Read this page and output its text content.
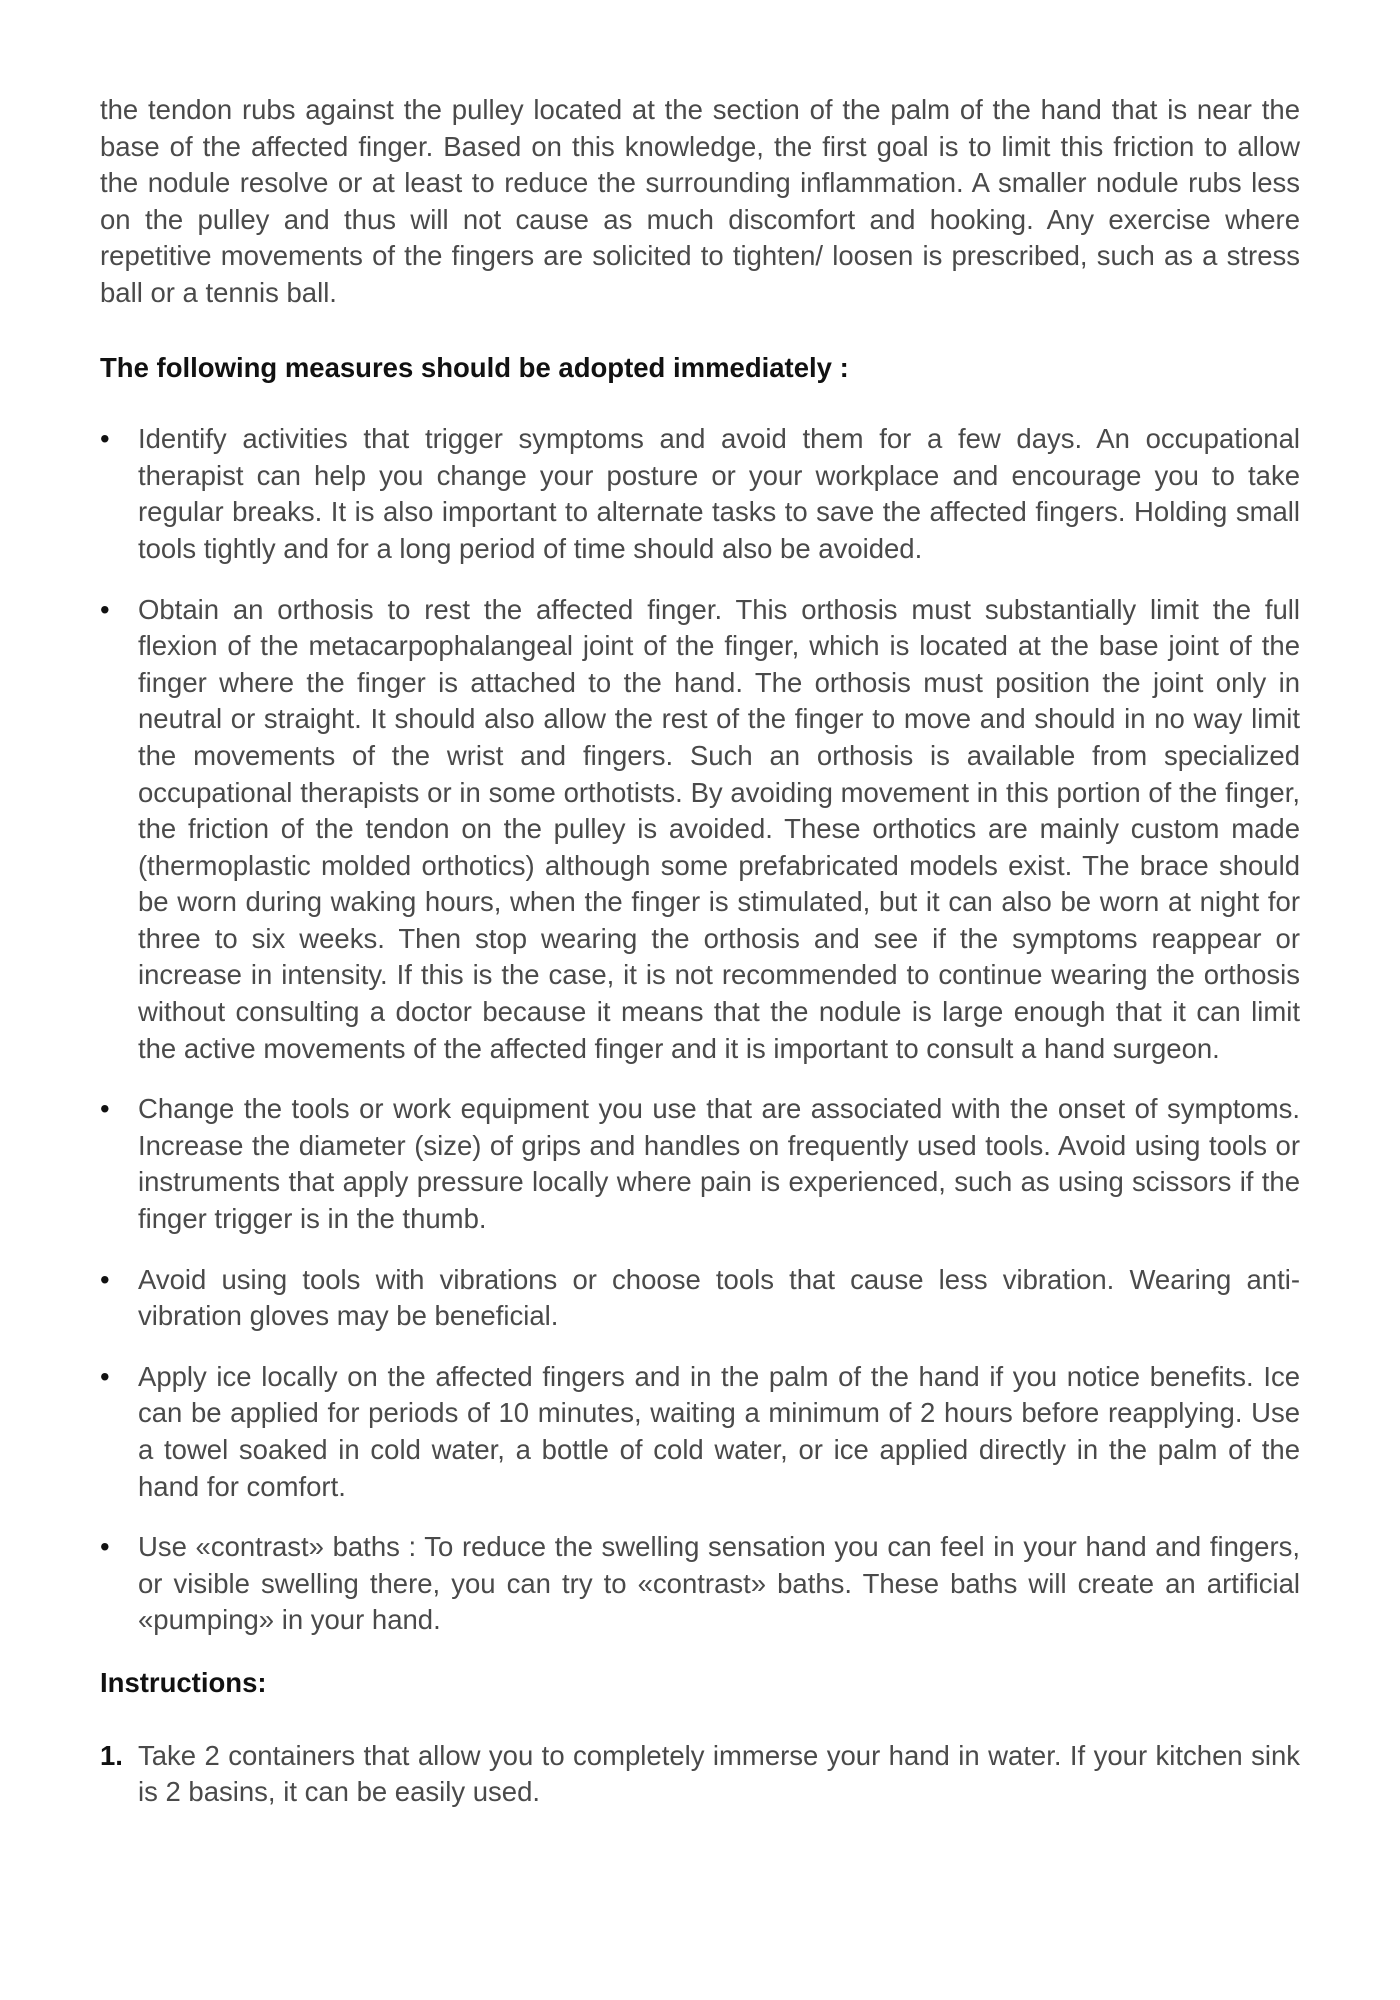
the tendon rubs against the pulley located at the section of the palm of the hand that is near the base of the affected finger. Based on this knowledge, the first goal is to limit this friction to allow the nodule resolve or at least to reduce the surrounding inflammation. A smaller nodule rubs less on the pulley and thus will not cause as much discomfort and hooking. Any exercise where repetitive movements of the fingers are solicited to tighten/ loosen is prescribed, such as a stress ball or a tennis ball.

The following measures should be adopted immediately :
• Identify activities that trigger symptoms and avoid them for a few days. An occupational therapist can help you change your posture or your workplace and encourage you to take regular breaks. It is also important to alternate tasks to save the affected fingers. Holding small tools tightly and for a long period of time should also be avoided.
• Obtain an orthosis to rest the affected finger. This orthosis must substantially limit the full flexion of the metacarpophalangeal joint of the finger, which is located at the base joint of the finger where the finger is attached to the hand. The orthosis must position the joint only in neutral or straight. It should also allow the rest of the finger to move and should in no way limit the movements of the wrist and fingers. Such an orthosis is available from specialized occupational therapists or in some orthotists. By avoiding movement in this portion of the finger, the friction of the tendon on the pulley is avoided. These orthotics are mainly custom made (thermoplastic molded orthotics) although some prefabricated models exist. The brace should be worn during waking hours, when the finger is stimulated, but it can also be worn at night for three to six weeks. Then stop wearing the orthosis and see if the symptoms reappear or increase in intensity. If this is the case, it is not recommended to continue wearing the orthosis without consulting a doctor because it means that the nodule is large enough that it can limit the active movements of the affected finger and it is important to consult a hand surgeon.
• Change the tools or work equipment you use that are associated with the onset of symptoms. Increase the diameter (size) of grips and handles on frequently used tools. Avoid using tools or instruments that apply pressure locally where pain is experienced, such as using scissors if the finger trigger is in the thumb.
• Avoid using tools with vibrations or choose tools that cause less vibration. Wearing anti-vibration gloves may be beneficial.
• Apply ice locally on the affected fingers and in the palm of the hand if you notice benefits. Ice can be applied for periods of 10 minutes, waiting a minimum of 2 hours before reapplying. Use a towel soaked in cold water, a bottle of cold water, or ice applied directly in the palm of the hand for comfort.
• Use «contrast» baths : To reduce the swelling sensation you can feel in your hand and fingers, or visible swelling there, you can try to «contrast» baths. These baths will create an artificial «pumping» in your hand.
Instructions:
1. Take 2 containers that allow you to completely immerse your hand in water. If your kitchen sink is 2 basins, it can be easily used.
